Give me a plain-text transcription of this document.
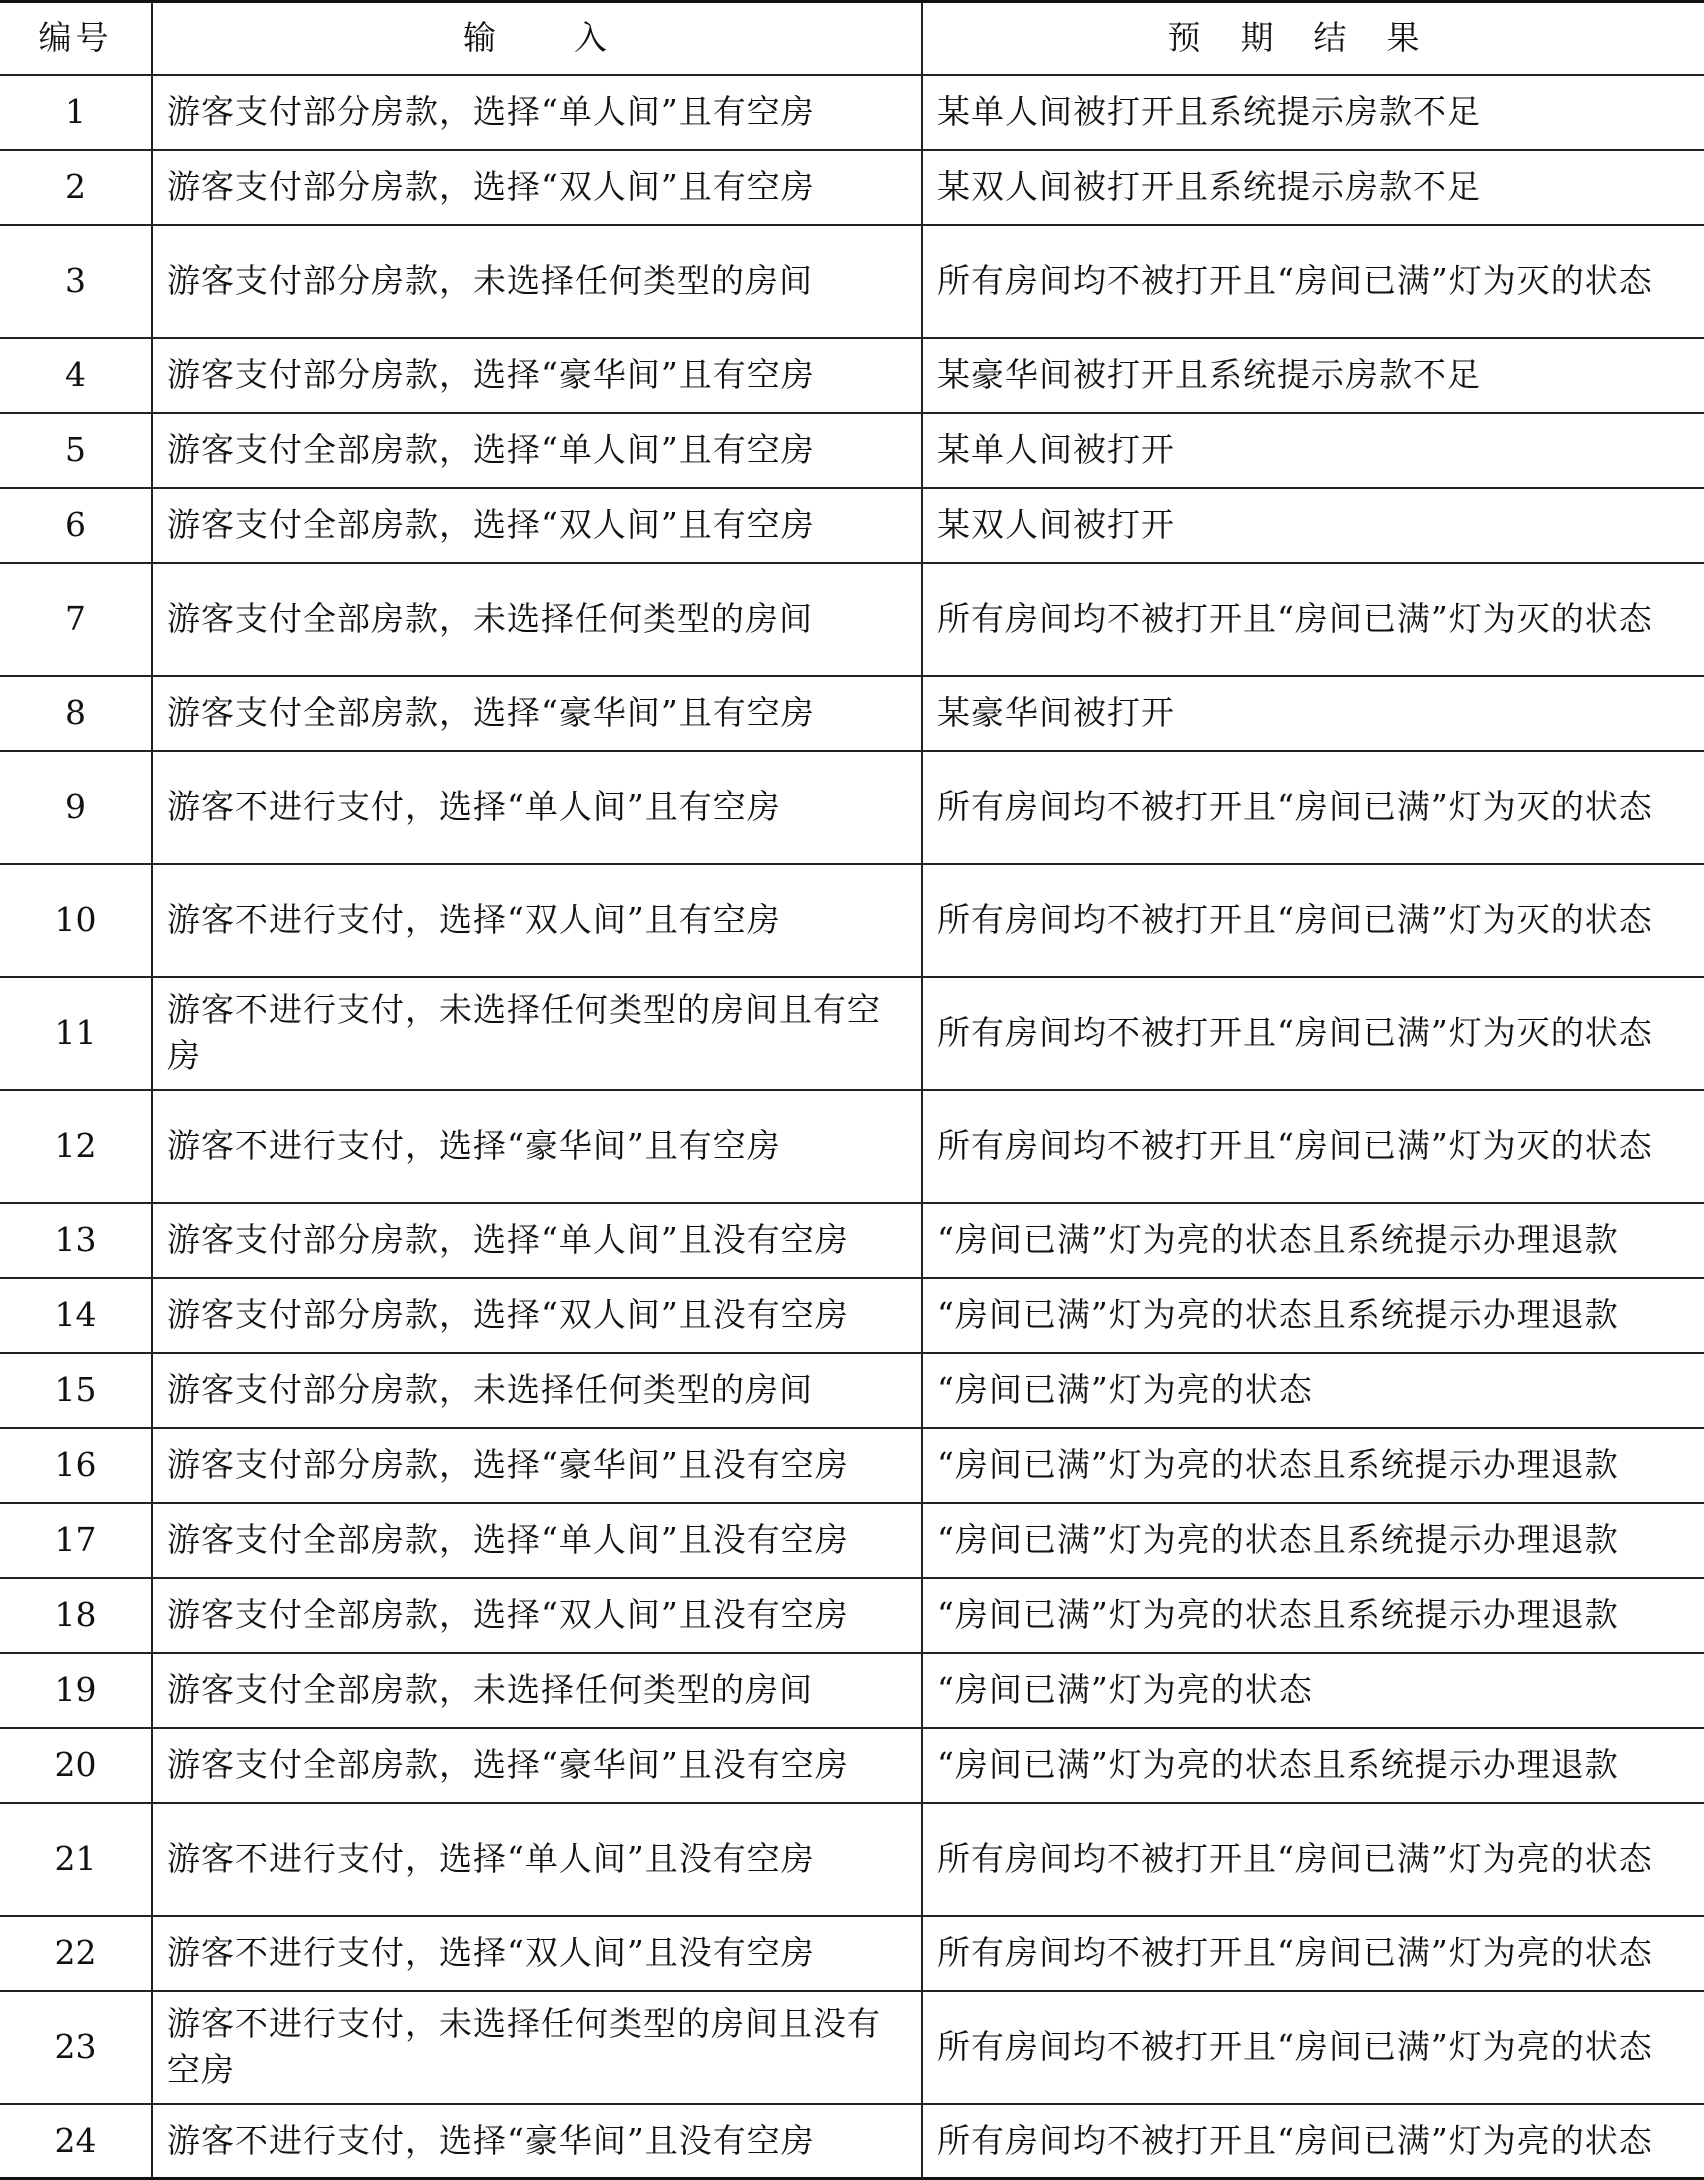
编号	输　　入	预期结果
1	游客支付部分房款，选择“单人间”且有空房	某单人间被打开且系统提示房款不足
2	游客支付部分房款，选择“双人间”且有空房	某双人间被打开且系统提示房款不足
3	游客支付部分房款，未选择任何类型的房间	所有房间均不被打开且“房间已满”灯为灭的状态
4	游客支付部分房款，选择“豪华间”且有空房	某豪华间被打开且系统提示房款不足
5	游客支付全部房款，选择“单人间”且有空房	某单人间被打开
6	游客支付全部房款，选择“双人间”且有空房	某双人间被打开
7	游客支付全部房款，未选择任何类型的房间	所有房间均不被打开且“房间已满”灯为灭的状态
8	游客支付全部房款，选择“豪华间”且有空房	某豪华间被打开
9	游客不进行支付，选择“单人间”且有空房	所有房间均不被打开且“房间已满”灯为灭的状态
10	游客不进行支付，选择“双人间”且有空房	所有房间均不被打开且“房间已满”灯为灭的状态
11	游客不进行支付，未选择任何类型的房间且有空房	所有房间均不被打开且“房间已满”灯为灭的状态
12	游客不进行支付，选择“豪华间”且有空房	所有房间均不被打开且“房间已满”灯为灭的状态
13	游客支付部分房款，选择“单人间”且没有空房	“房间已满”灯为亮的状态且系统提示办理退款
14	游客支付部分房款，选择“双人间”且没有空房	“房间已满”灯为亮的状态且系统提示办理退款
15	游客支付部分房款，未选择任何类型的房间	“房间已满”灯为亮的状态
16	游客支付部分房款，选择“豪华间”且没有空房	“房间已满”灯为亮的状态且系统提示办理退款
17	游客支付全部房款，选择“单人间”且没有空房	“房间已满”灯为亮的状态且系统提示办理退款
18	游客支付全部房款，选择“双人间”且没有空房	“房间已满”灯为亮的状态且系统提示办理退款
19	游客支付全部房款，未选择任何类型的房间	“房间已满”灯为亮的状态
20	游客支付全部房款，选择“豪华间”且没有空房	“房间已满”灯为亮的状态且系统提示办理退款
21	游客不进行支付，选择“单人间”且没有空房	所有房间均不被打开且“房间已满”灯为亮的状态
22	游客不进行支付，选择“双人间”且没有空房	所有房间均不被打开且“房间已满”灯为亮的状态
23	游客不进行支付，未选择任何类型的房间且没有空房	所有房间均不被打开且“房间已满”灯为亮的状态
24	游客不进行支付，选择“豪华间”且没有空房	所有房间均不被打开且“房间已满”灯为亮的状态
